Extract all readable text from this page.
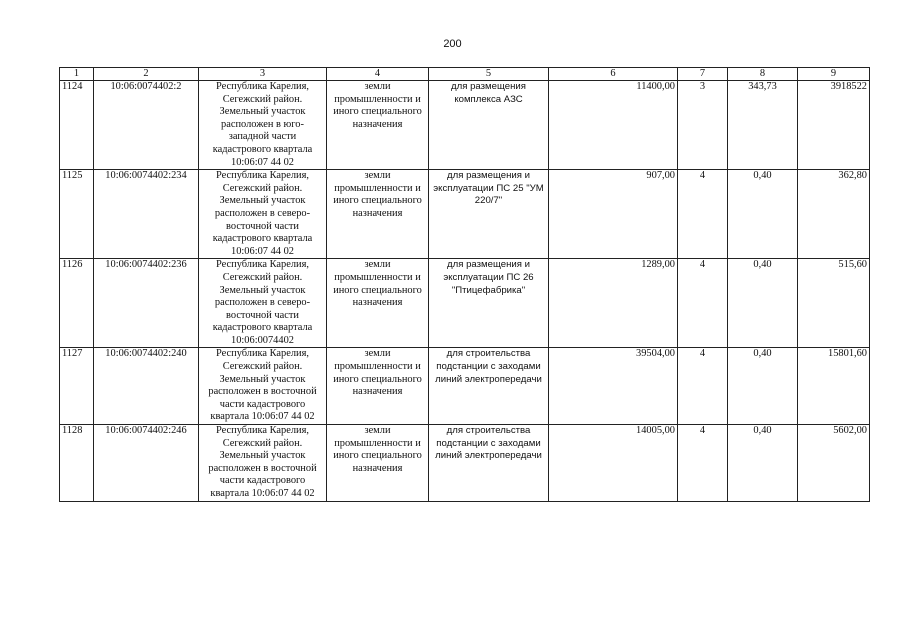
200
1	2	3	4	5	6	7	8	9
1124	10:06:0074402:2	Республика Карелия, Сегежский район. Земельный участок расположен в юго-западной части кадастрового квартала 10:06:07 44 02	земли промышленности и иного специального назначения	для размещения комплекса АЗС	11400,00	3	343,73	3918522
1125	10:06:0074402:234	Республика Карелия, Сегежский район. Земельный участок расположен в северо-восточной части кадастрового квартала 10:06:07 44 02	земли промышленности и иного специального назначения	для размещения и эксплуатации ПС 25 "УМ 220/7"	907,00	4	0,40	362,80
1126	10:06:0074402:236	Республика Карелия, Сегежский район. Земельный участок расположен в северо-восточной части кадастрового квартала 10:06:0074402	земли промышленности и иного специального назначения	для размещения и эксплуатации ПС 26 "Птицефабрика"	1289,00	4	0,40	515,60
1127	10:06:0074402:240	Республика Карелия, Сегежский район. Земельный участок расположен в восточной части кадастрового квартала 10:06:07 44 02	земли промышленности и иного специального назначения	для строительства подстанции с заходами линий электропередачи	39504,00	4	0,40	15801,60
1128	10:06:0074402:246	Республика Карелия, Сегежский район. Земельный участок расположен в восточной части кадастрового квартала 10:06:07 44 02	земли промышленности и иного специального назначения	для строительства подстанции с заходами линий электропередачи	14005,00	4	0,40	5602,00
